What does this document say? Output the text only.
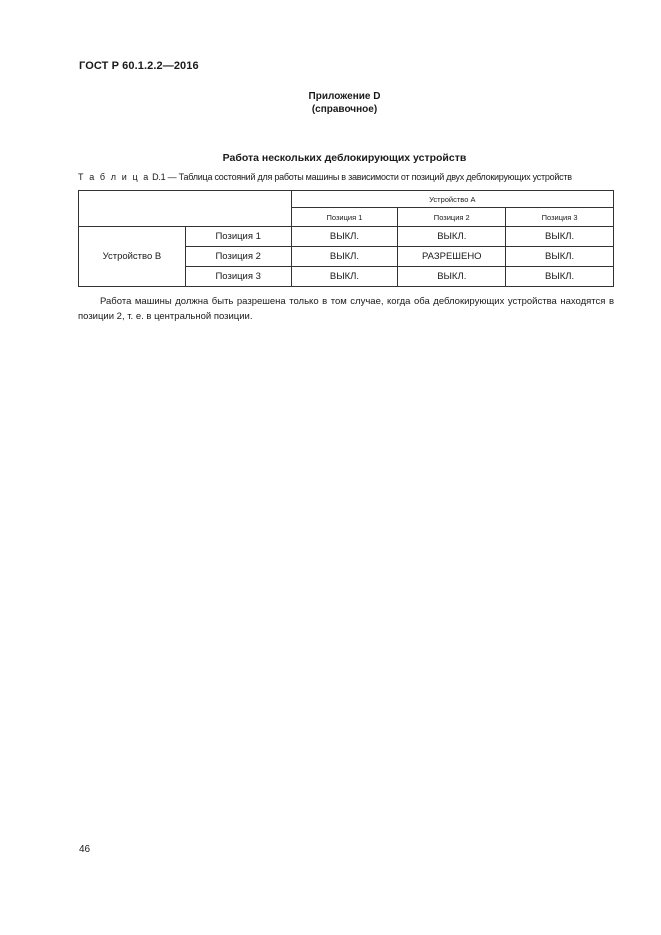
ГОСТ Р 60.1.2.2—2016
Приложение D
(справочное)
Работа нескольких деблокирующих устройств
Т а б л и ц а D.1 — Таблица состояний для работы машины в зависимости от позиций двух деблокирующих устройств
		Устройство А		
		Позиция 1	Позиция 2	Позиция 3
Устройство В	Позиция 1	ВЫКЛ.	ВЫКЛ.	ВЫКЛ.
	Позиция 2	ВЫКЛ.	РАЗРЕШЕНО	ВЫКЛ.
	Позиция 3	ВЫКЛ.	ВЫКЛ.	ВЫКЛ.
Работа машины должна быть разрешена только в том случае, когда оба деблокирующих устройства находятся в позиции 2, т. е. в центральной позиции.
46
